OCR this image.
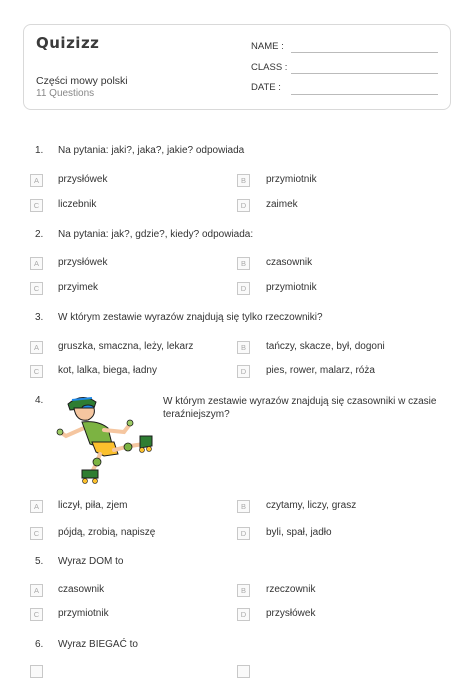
Quizizz
Części mowy polski
11 Questions
NAME :
CLASS :
DATE :
1. Na pytania: jaki?, jaka?, jakie? odpowiada
A	przysłówek	B	przymiotnik
C	liczebnik	D	zaimek
2. Na pytania: jak?, gdzie?, kiedy? odpowiada:
A	przysłówek	B	czasownik
C	przyimek	D	przymiotnik
3. W którym zestawie wyrazów znajdują się tylko rzeczowniki?
A	gruszka, smaczna, leży, lekarz	B	tańczy, skacze, był, dogoni
C	kot, lalka, biega, ładny	D	pies, rower, malarz, róża
4.	W którym zestawie wyrazów znajdują się czasowniki w czasie teraźniejszym?
A	liczył, piła, zjem	B	czytamy, liczy, grasz
C	pójdą, zrobią, napiszę	D	byli, spał, jadło
5. Wyraz DOM to
A	czasownik	B	rzeczownik
C	przymiotnik	D	przysłówek
6. Wyraz BIEGAĆ to
